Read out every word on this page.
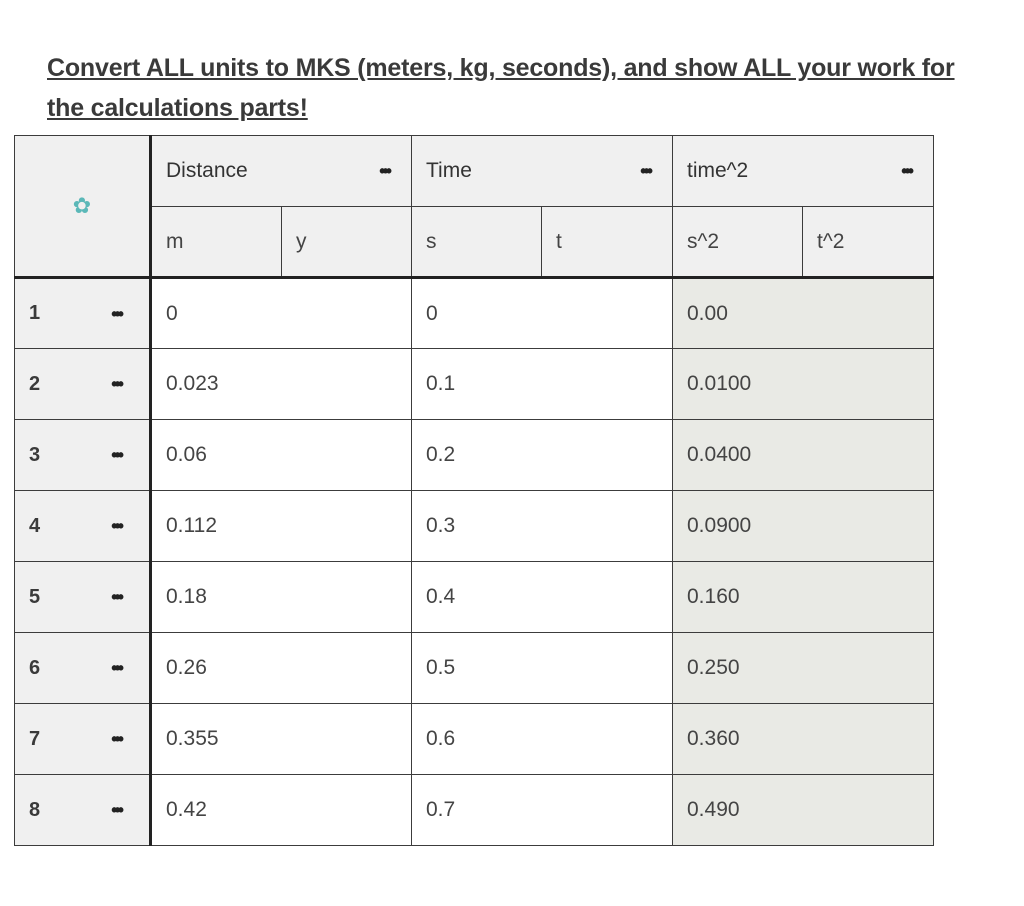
Convert ALL units to MKS (meters, kg, seconds), and show ALL your work for the calculations parts!
✿	Distance •••		Time •••		time^2 •••	

	m	y	s	t	s^2	t^2

1 •••	0		0		0.00	

2 •••	0.023		0.1		0.0100	

3 •••	0.06		0.2		0.0400	

4 •••	0.112		0.3		0.0900	

5 •••	0.18		0.4		0.160	

6 •••	0.26		0.5		0.250	

7 •••	0.355		0.6		0.360	

8 •••	0.42		0.7		0.490	
